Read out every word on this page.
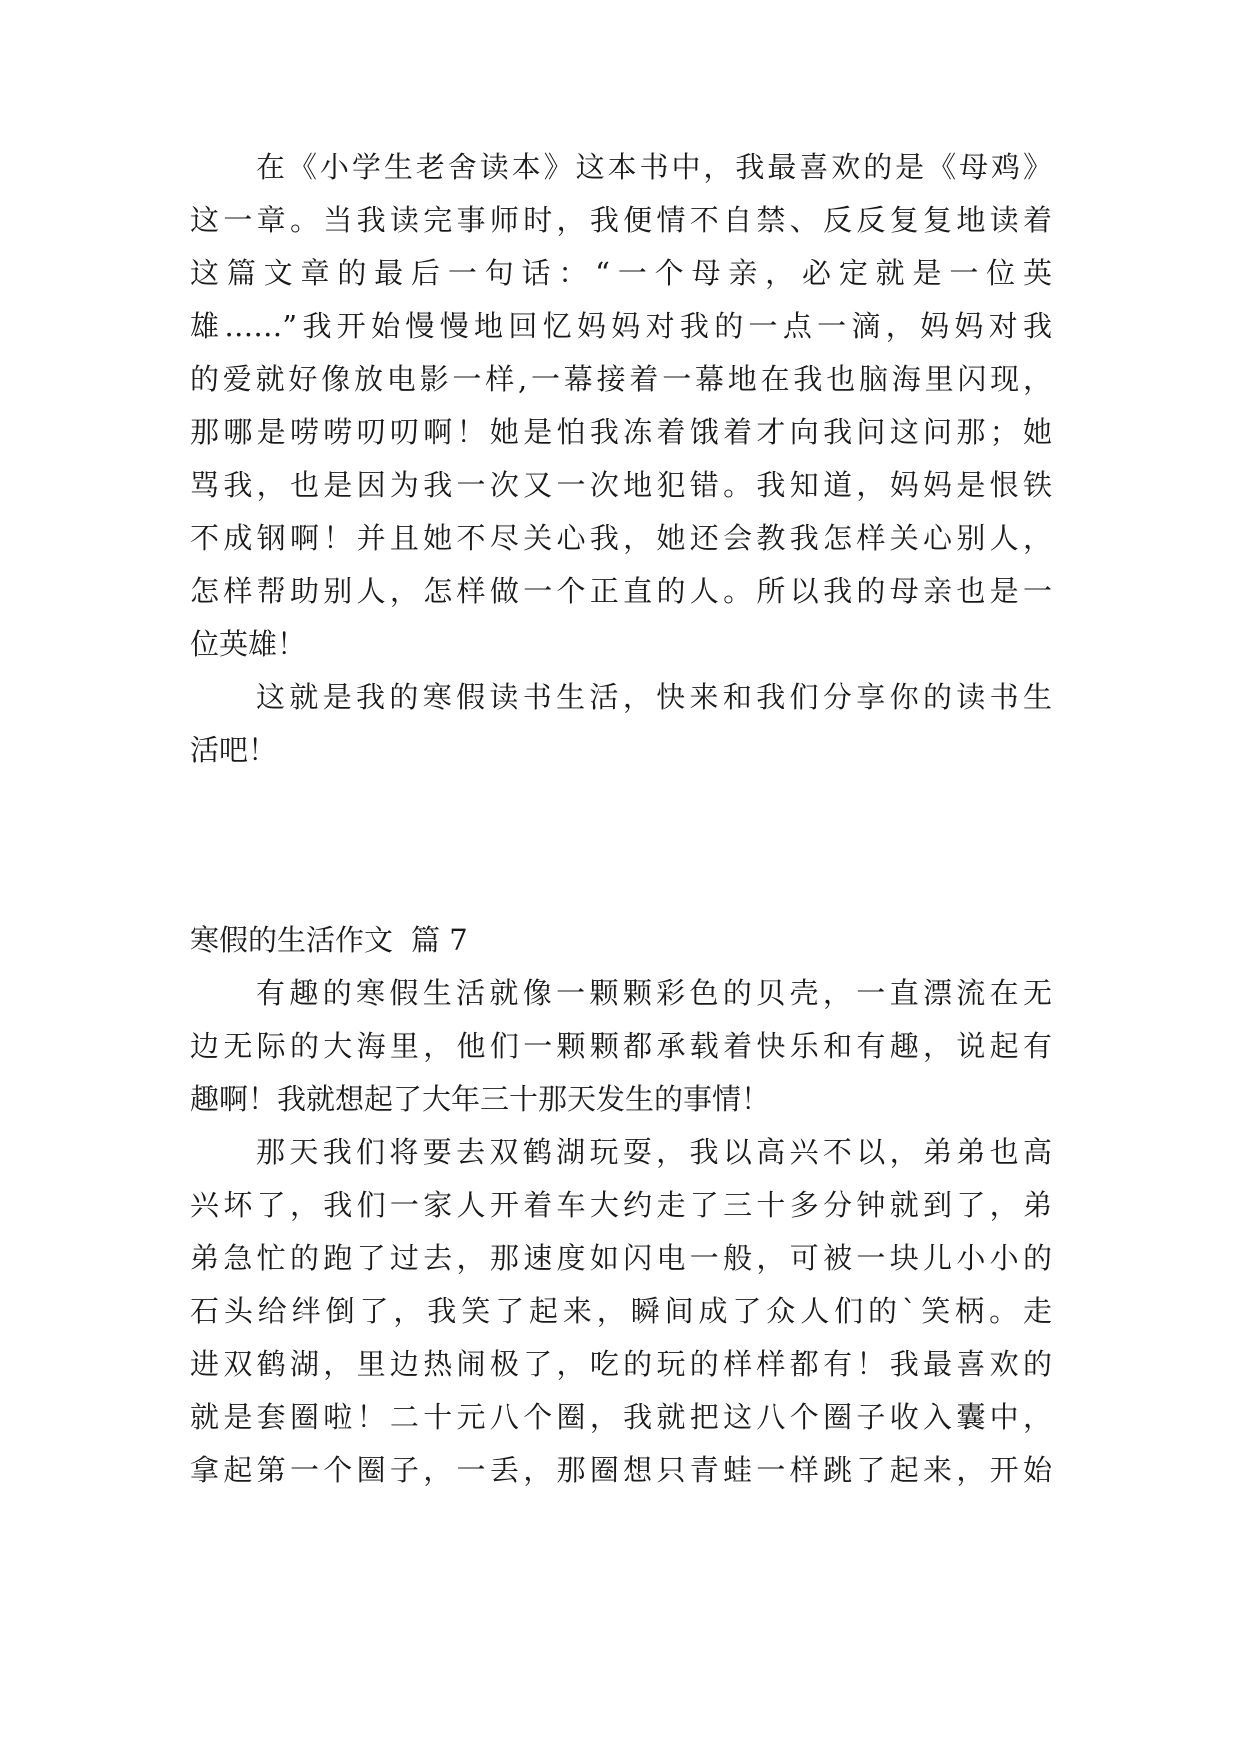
在《小学生老舍读本》这本书中，我最喜欢的是《母鸡》
这一章。当我读完事师时，我便情不自禁、反反复复地读着
这篇文章的最后一句话：“一个母亲，必定就是一位英
雄……”我开始慢慢地回忆妈妈对我的一点一滴，妈妈对我
的爱就好像放电影一样,一幕接着一幕地在我也脑海里闪现，
那哪是唠唠叨叨啊！她是怕我冻着饿着才向我问这问那；她
骂我，也是因为我一次又一次地犯错。我知道，妈妈是恨铁
不成钢啊！并且她不尽关心我，她还会教我怎样关心别人，
怎样帮助别人，怎样做一个正直的人。所以我的母亲也是一
位英雄！
这就是我的寒假读书生活，快来和我们分享你的读书生
活吧！
寒假的生活作文 篇 7
有趣的寒假生活就像一颗颗彩色的贝壳，一直漂流在无
边无际的大海里，他们一颗颗都承载着快乐和有趣，说起有
趣啊！我就想起了大年三十那天发生的事情！
那天我们将要去双鹤湖玩耍，我以高兴不以，弟弟也高
兴坏了，我们一家人开着车大约走了三十多分钟就到了，弟
弟急忙的跑了过去，那速度如闪电一般，可被一块儿小小的
石头给绊倒了，我笑了起来，瞬间成了众人们的`笑柄。走
进双鹤湖，里边热闹极了，吃的玩的样样都有！我最喜欢的
就是套圈啦！二十元八个圈，我就把这八个圈子收入囊中，
拿起第一个圈子，一丢，那圈想只青蛙一样跳了起来，开始
